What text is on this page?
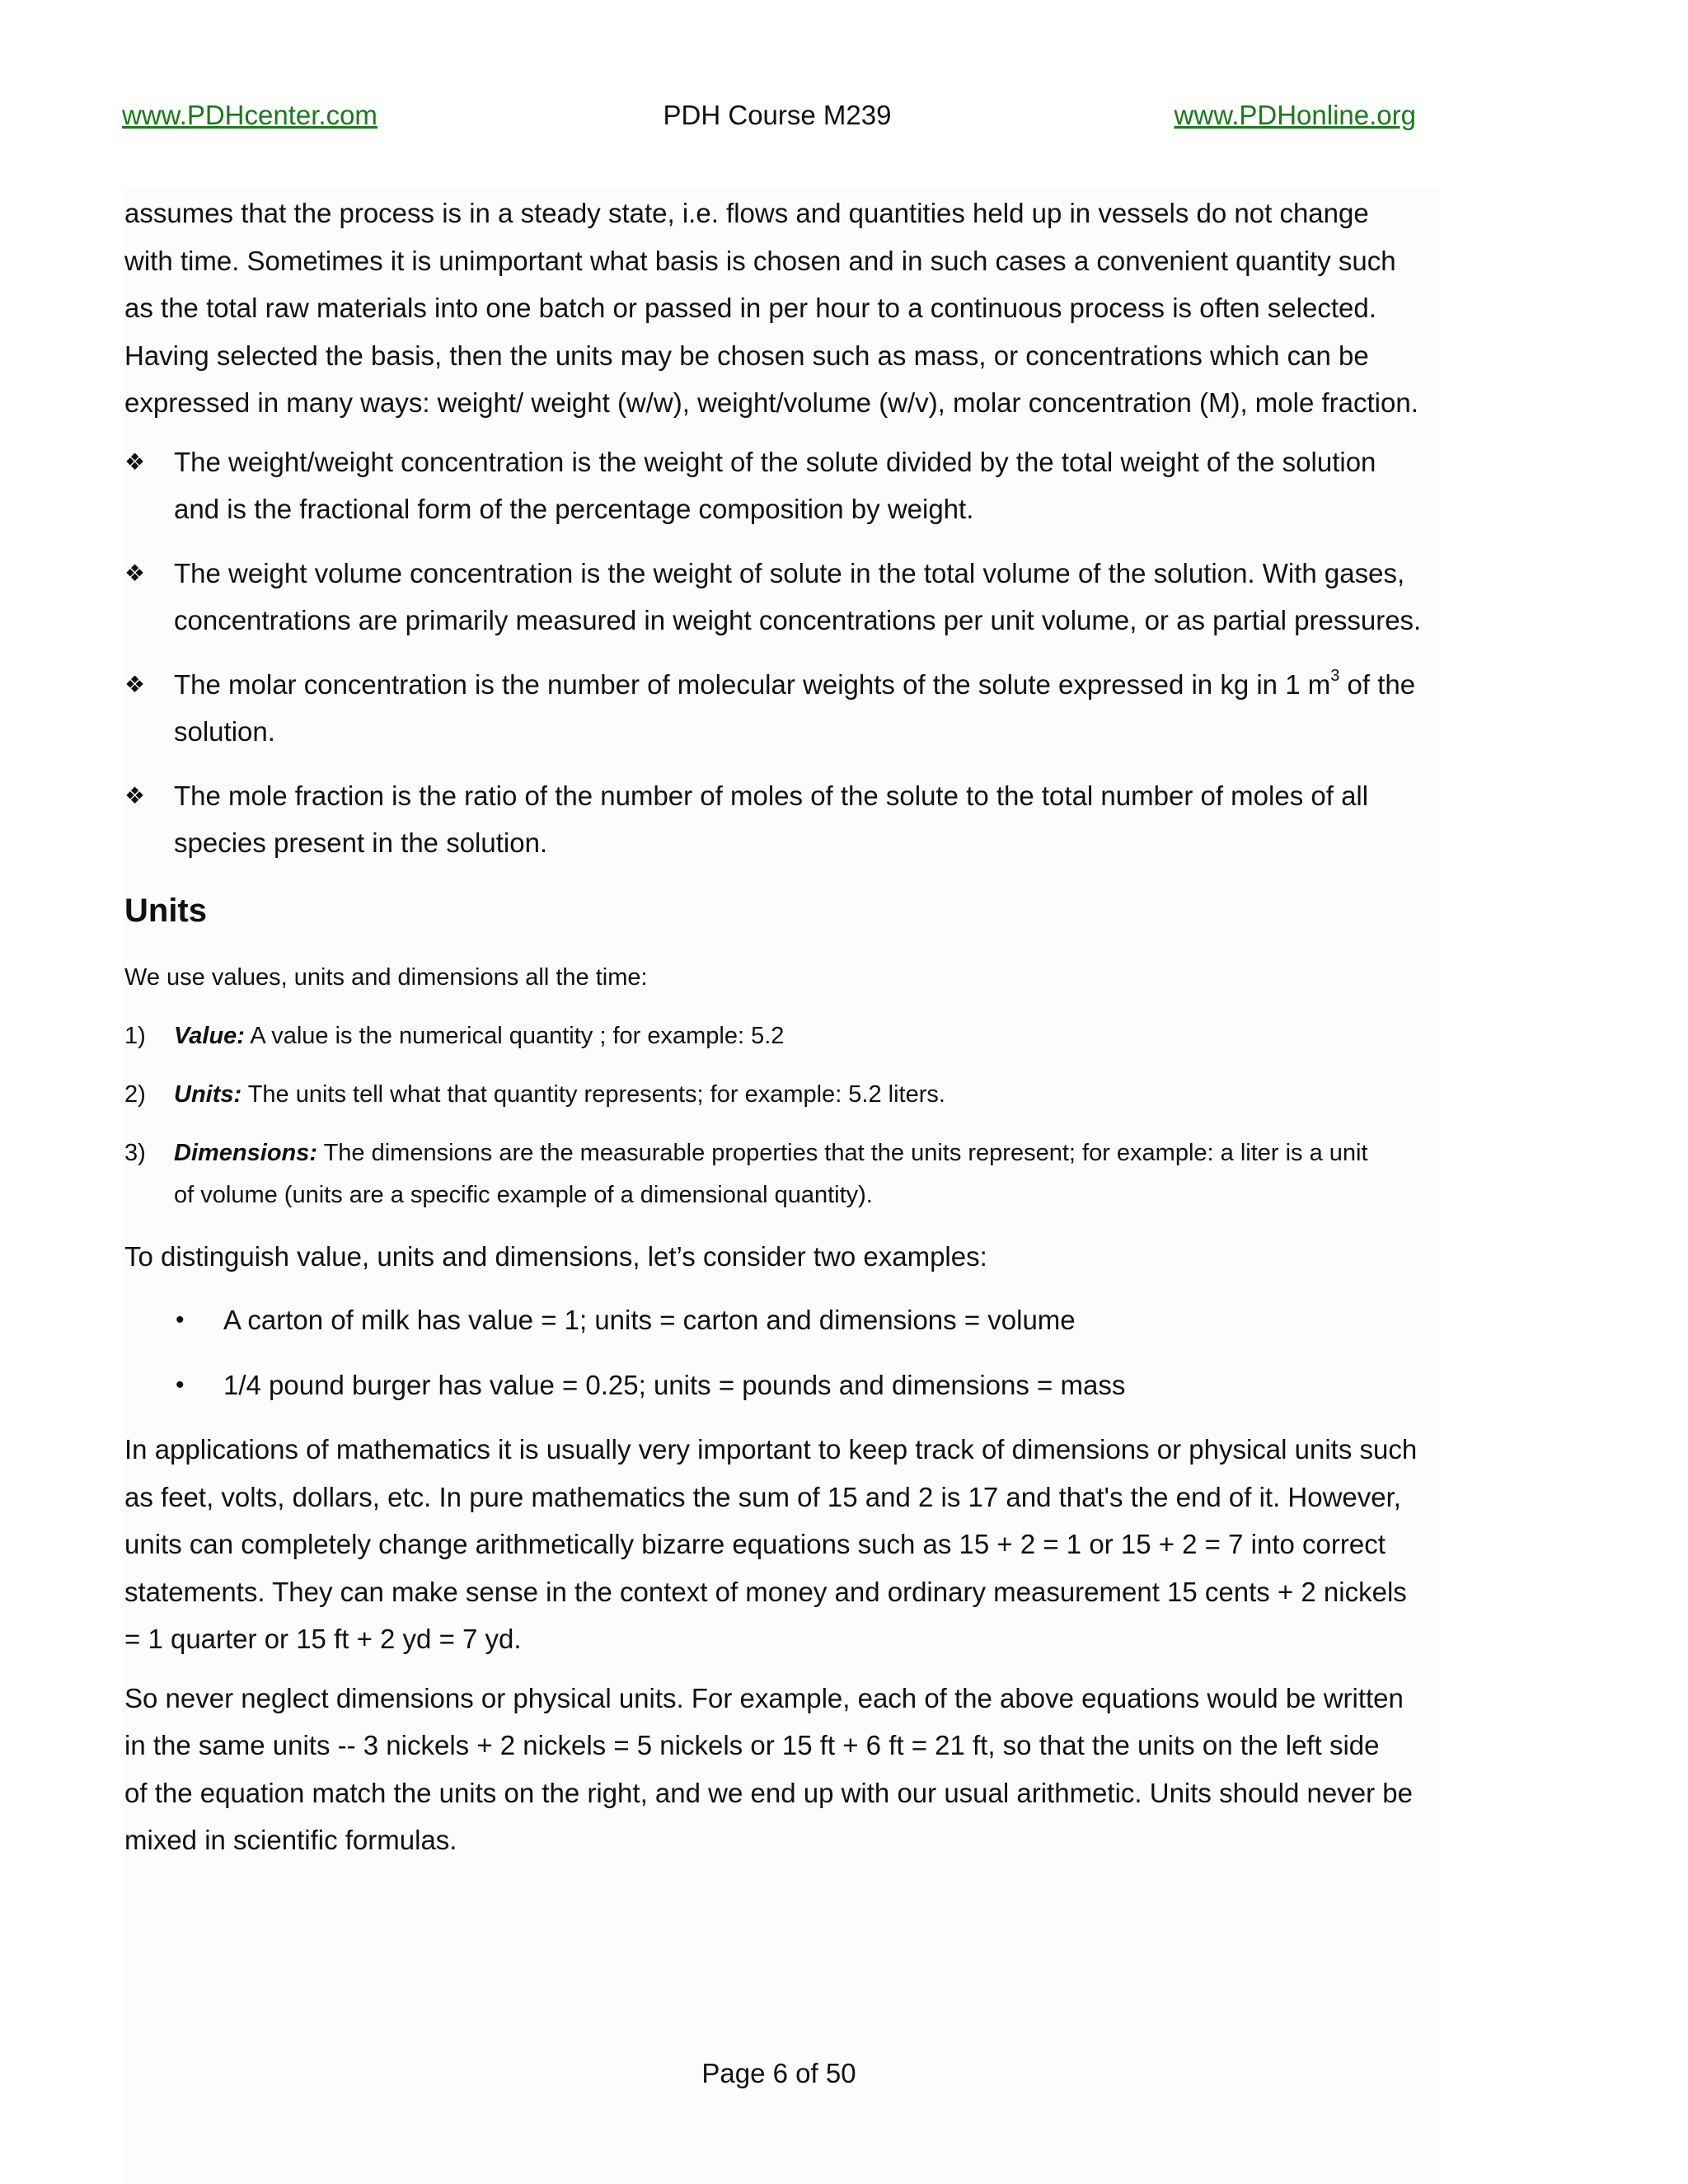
PDH Course M239
www.PDHcenter.com	www.PDHonline.org

assumes that the process is in a steady state, i.e. flows and quantities held up in vessels do not change
with time. Sometimes it is unimportant what basis is chosen and in such cases a convenient quantity such
as the total raw materials into one batch or passed in per hour to a continuous process is often selected.
Having selected the basis, then the units may be chosen such as mass, or concentrations which can be
expressed in many ways: weight/ weight (w/w), weight/volume (w/v), molar concentration (M), mole fraction.

❖ The weight/weight concentration is the weight of the solute divided by the total weight of the solution
and is the fractional form of the percentage composition by weight.
❖ The weight volume concentration is the weight of solute in the total volume of the solution. With gases,
concentrations are primarily measured in weight concentrations per unit volume, or as partial pressures.
❖ The molar concentration is the number of molecular weights of the solute expressed in kg in 1 $m^3$ of the
solution.
❖ The mole fraction is the ratio of the number of moles of the solute to the total number of moles of all
species present in the solution.
Units

We use values, units and dimensions all the time:

1) Value: A value is the numerical quantity ; for example: 5.2
2) Units: The units tell what that quantity represents; for example: 5.2 liters.
3) Dimensions: The dimensions are the measurable properties that the units represent; for example: a liter is a unit
of volume (units are a specific example of a dimensional quantity).

To distinguish value, units and dimensions, let’s consider two examples:

• A carton of milk has value = 1; units = carton and dimensions = volume
• 1/4 pound burger has value = 0.25; units = pounds and dimensions = mass

In applications of mathematics it is usually very important to keep track of dimensions or physical units such
as feet, volts, dollars, etc. In pure mathematics the sum of 15 and 2 is 17 and that's the end of it. However,
units can completely change arithmetically bizarre equations such as 15 + 2 = 1 or 15 + 2 = 7 into correct
statements. They can make sense in the context of money and ordinary measurement 15 cents + 2 nickels
= 1 quarter or 15 ft + 2 yd = 7 yd.

So never neglect dimensions or physical units. For example, each of the above equations would be written
in the same units -- 3 nickels + 2 nickels = 5 nickels or 15 ft + 6 ft = 21 ft, so that the units on the left side
of the equation match the units on the right, and we end up with our usual arithmetic. Units should never be
mixed in scientific formulas.

Page 6 of 50
